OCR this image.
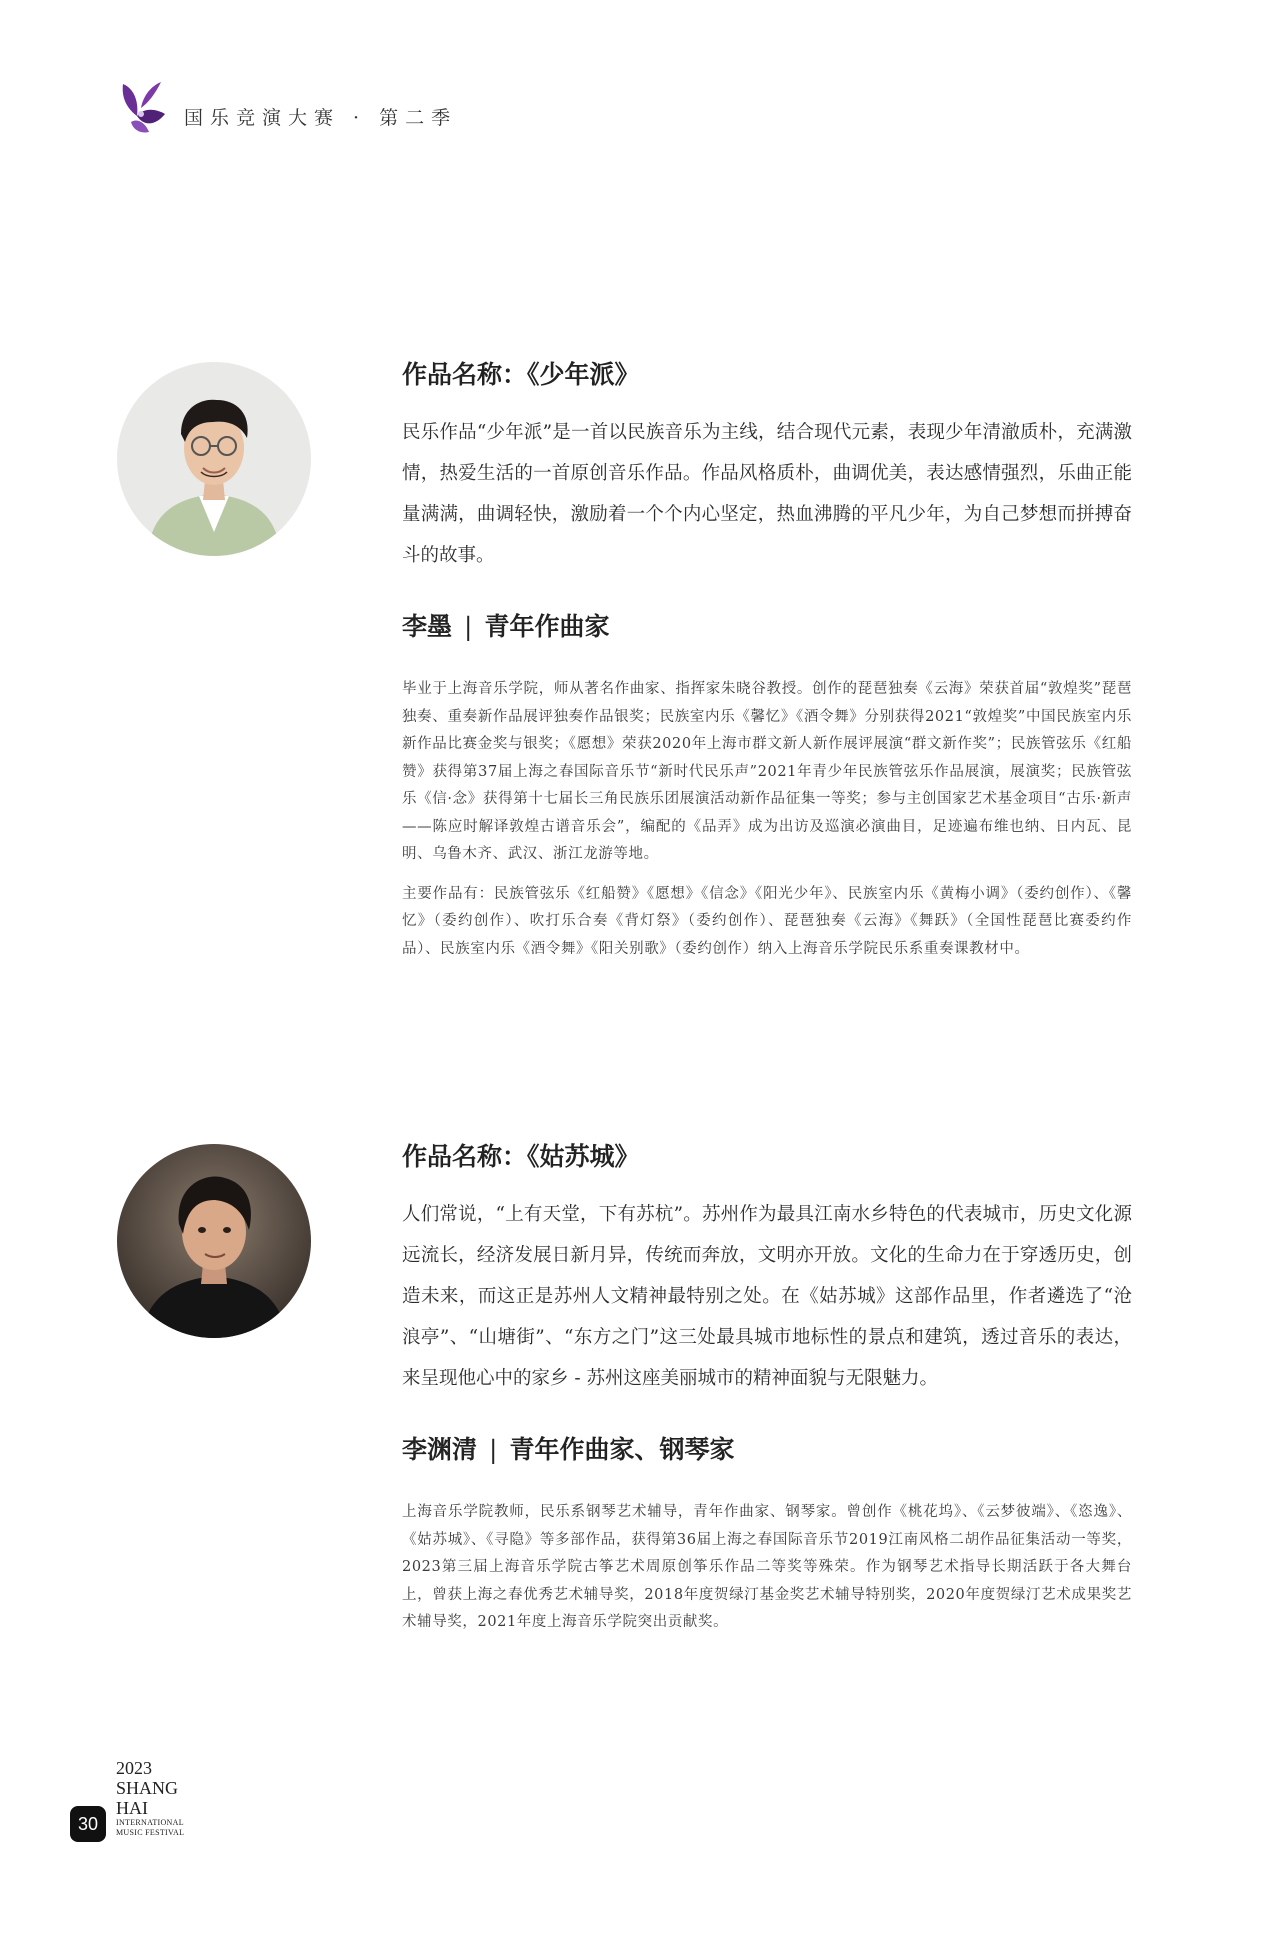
国乐竞演大赛 · 第二季
作品名称：《少年派》

民乐作品“少年派”是一首以民族音乐为主线，结合现代元素，表现少年清澈质朴，充满激情，热爱生活的一首原创音乐作品。作品风格质朴，曲调优美，表达感情强烈，乐曲正能量满满，曲调轻快，激励着一个个内心坚定，热血沸腾的平凡少年，为自己梦想而拼搏奋斗的故事。

李墨 | 青年作曲家

毕业于上海音乐学院，师从著名作曲家、指挥家朱晓谷教授。创作的琵琶独奏《云海》荣获首届“敦煌奖”琵琶独奏、重奏新作品展评独奏作品银奖；民族室内乐《馨忆》《酒令舞》分别获得2021“敦煌奖”中国民族室内乐新作品比赛金奖与银奖；《愿想》荣获2020年上海市群文新人新作展评展演“群文新作奖”；民族管弦乐《红船赞》获得第37届上海之春国际音乐节“新时代民乐声”2021年青少年民族管弦乐作品展演，展演奖；民族管弦乐《信·念》获得第十七届长三角民族乐团展演活动新作品征集一等奖；参与主创国家艺术基金项目“古乐·新声——陈应时解译敦煌古谱音乐会”，编配的《品弄》成为出访及巡演必演曲目，足迹遍布维也纳、日内瓦、昆明、乌鲁木齐、武汉、浙江龙游等地。

主要作品有：民族管弦乐《红船赞》《愿想》《信念》《阳光少年》、民族室内乐《黄梅小调》（委约创作）、《馨忆》（委约创作）、吹打乐合奏《背灯祭》（委约创作）、琵琶独奏《云海》《舞跃》（全国性琵琶比赛委约作品）、民族室内乐《酒令舞》《阳关别歌》（委约创作）纳入上海音乐学院民乐系重奏课教材中。

作品名称：《姑苏城》

人们常说，“上有天堂，下有苏杭”。苏州作为最具江南水乡特色的代表城市，历史文化源远流长，经济发展日新月异，传统而奔放，文明亦开放。文化的生命力在于穿透历史，创造未来，而这正是苏州人文精神最特别之处。在《姑苏城》这部作品里，作者遴选了“沧浪亭”、“山塘街”、“东方之门”这三处最具城市地标性的景点和建筑，透过音乐的表达，来呈现他心中的家乡 - 苏州这座美丽城市的精神面貌与无限魅力。

李渊清 | 青年作曲家、钢琴家

上海音乐学院教师，民乐系钢琴艺术辅导，青年作曲家、钢琴家。曾创作《桃花坞》、《云梦彼端》、《恣逸》、《姑苏城》、《寻隐》等多部作品，获得第36届上海之春国际音乐节2019江南风格二胡作品征集活动一等奖，2023第三届上海音乐学院古筝艺术周原创筝乐作品二等奖等殊荣。作为钢琴艺术指导长期活跃于各大舞台上，曾获上海之春优秀艺术辅导奖，2018年度贺绿汀基金奖艺术辅导特别奖，2020年度贺绿汀艺术成果奖艺术辅导奖，2021年度上海音乐学院突出贡献奖。

30
2023
SHANG
HAI
INTERNATIONAL
MUSIC FESTIVAL
